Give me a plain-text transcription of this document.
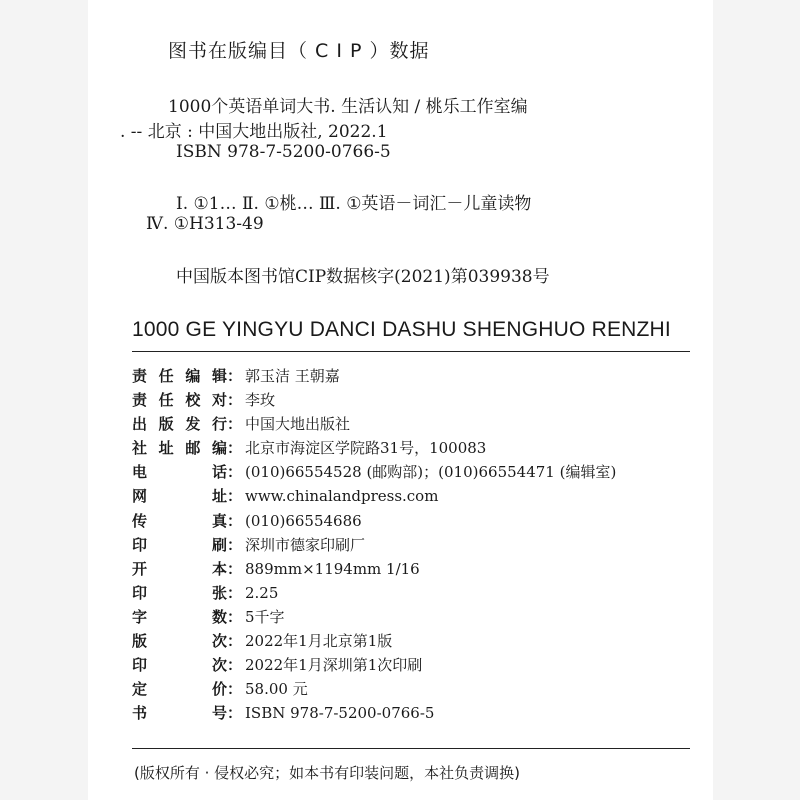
图书在版编目（ C I P ）数据
1000个英语单词大书. 生活认知 / 桃乐工作室编
. -- 北京 : 中国大地出版社, 2022.1
ISBN 978-7-5200-0766-5
Ⅰ. ①1… Ⅱ. ①桃… Ⅲ. ①英语－词汇－儿童读物
Ⅳ. ①H313-49
中国版本图书馆CIP数据核字(2021)第039938号
1000 GE YINGYU DANCI DASHU SHENGHUO RENZHI
责 任 编 辑 ： 郭玉洁 王朝嘉
责 任 校 对 ： 李玫
出 版 发 行 ： 中国大地出版社
社 址 邮 编 ： 北京市海淀区学院路31号，100083
电	话 ： (010)66554528 (邮购部)；(010)66554471 (编辑室)
网	址 ： www.chinalandpress.com
传	真 ： (010)66554686
印	刷 ： 深圳市德家印刷厂
开	本 ： 889mm×1194mm 1/16
印	张 ： 2.25
字	数 ： 5千字
版	次 ： 2022年1月北京第1版
印	次 ： 2022年1月深圳第1次印刷
定	价 ： 58.00 元
书	号 ： ISBN 978-7-5200-0766-5
(版权所有 · 侵权必究；如本书有印装问题，本社负责调换)
